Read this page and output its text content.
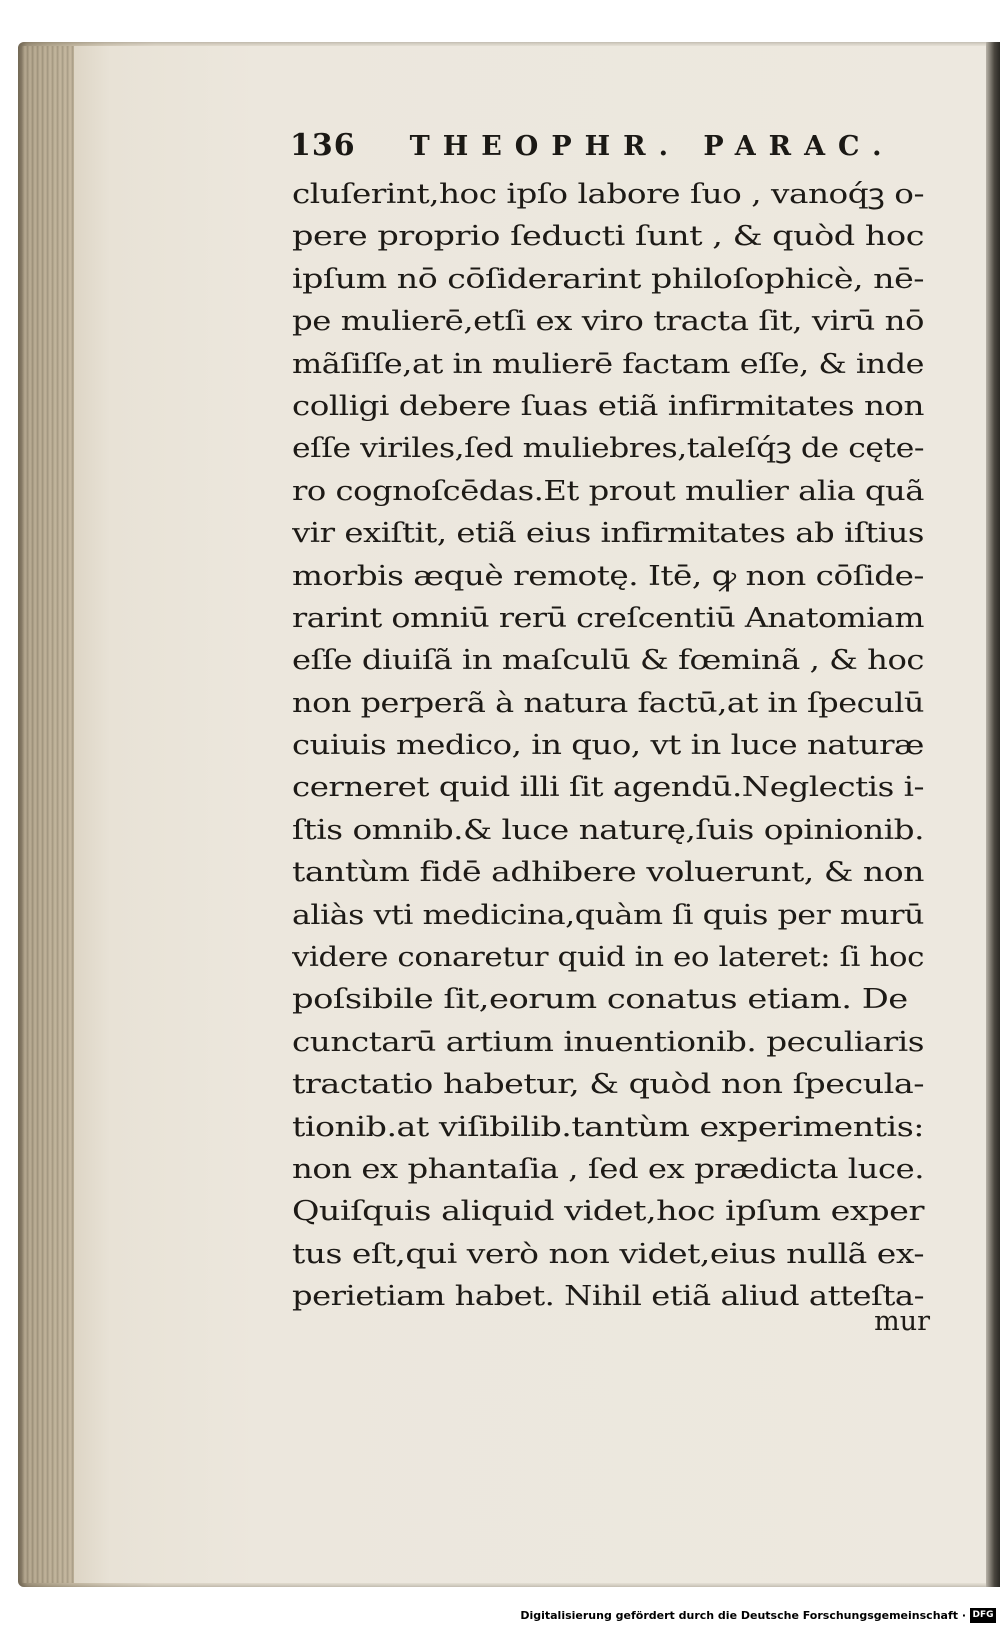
136 THEOPHR. PARAC.
cluſerint,hoc ipſo labore ſuo , vanoq́ꝫ o-
pere proprio ſeducti ſunt , & quòd hoc
ipſum nō cōſiderarint philoſophicè, nē-
pe mulierē,etſi ex viro tracta ſit, virū nō
mãſiſſe,at in mulierē factam eſſe, & inde
colligi debere ſuas etiã infirmitates non
eſſe viriles,ſed muliebres,taleſq́ꝫ de cęte-
ro cognoſcēdas.Et prout mulier alia quã
vir exiſtit, etiã eius infirmitates ab iſtius
morbis æquè remotę. Itē, ꝙ non cōſide-
rarint omniū rerū creſcentiū Anatomiam
eſſe diuiſã in maſculū & fœminã , & hoc
non perperã à natura factū,at in ſpeculū
cuiuis medico, in quo, vt in luce naturæ
cerneret quid illi ſit agendū.Neglectis i-
ſtis omnib.& luce naturę,ſuis opinionib.
tantùm fidē adhibere voluerunt, & non
aliàs vti medicina,quàm ſi quis per murū
videre conaretur quid in eo lateret: ſi hoc
poſsibile ſit,eorum conatus etiam. De
cunctarū artium inuentionib. peculiaris
tractatio habetur, & quòd non ſpecula-
tionib.at viſibilib.tantùm experimentis:
non ex phantaſia , ſed ex prædicta luce.
Quiſquis aliquid videt,hoc ipſum exper
tus eſt,qui verò non videt,eius nullã ex-
perietiam habet. Nihil etiã aliud atteſta-
mur
Digitalisierung gefördert durch die Deutsche Forschungsgemeinschaft · DFG
